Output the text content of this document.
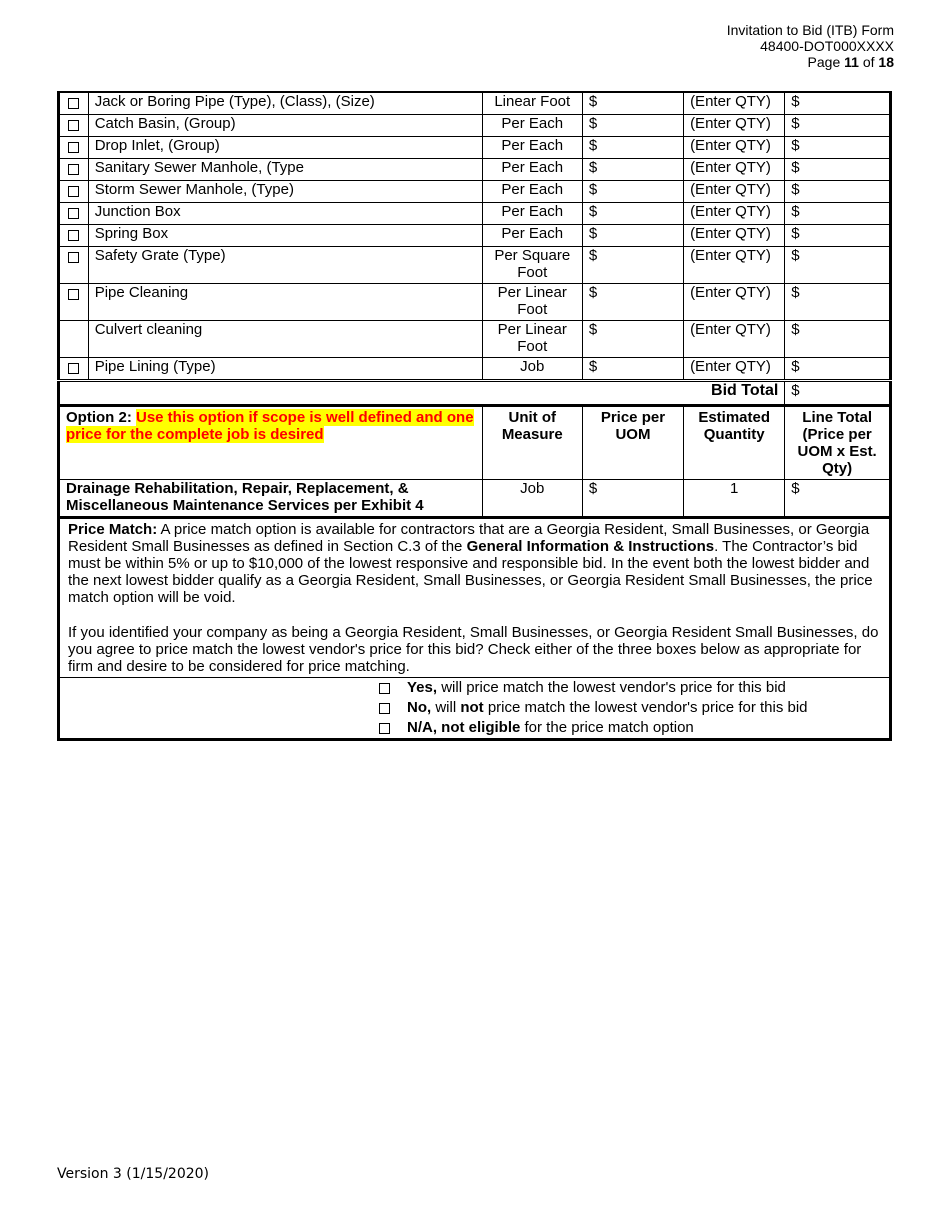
Invitation to Bid (ITB) Form
48400-DOT000XXXX
Page 11 of 18
	Jack or Boring Pipe (Type), (Class), (Size)	Linear Foot	$	(Enter QTY)	$
	Catch Basin, (Group)	Per Each	$	(Enter QTY)	$
	Drop Inlet, (Group)	Per Each	$	(Enter QTY)	$
	Sanitary Sewer Manhole, (Type	Per Each	$	(Enter QTY)	$
	Storm Sewer Manhole, (Type)	Per Each	$	(Enter QTY)	$
	Junction Box	Per Each	$	(Enter QTY)	$
	Spring Box	Per Each	$	(Enter QTY)	$
	Safety Grate (Type)	Per Square
Foot	$	(Enter QTY)	$
	Pipe Cleaning	Per Linear
Foot	$	(Enter QTY)	$
	Culvert cleaning	Per Linear
Foot	$	(Enter QTY)	$
	Pipe Lining (Type)	Job	$	(Enter QTY)	$
Bid Total					$
Option 2: Use this option if scope is well defined and one price for the complete job is desired		Unit of Measure	Price per UOM	Estimated Quantity	Line Total (Price per UOM x Est. Qty)
Drainage Rehabilitation, Repair, Replacement, & Miscellaneous Maintenance Services per Exhibit 4		Job	$	1	$

Price Match: A price match option is available for contractors that are a Georgia Resident, Small Businesses, or Georgia Resident Small Businesses as defined in Section C.3 of the General Information & Instructions. The Contractor’s bid must be within 5% or up to $10,000 of the lowest responsive and responsible bid. In the event both the lowest bidder and the next lowest bidder qualify as a Georgia Resident, Small Businesses, or Georgia Resident Small Businesses, the price match option will be void.

If you identified your company as being a Georgia Resident, Small Businesses, or Georgia Resident Small Businesses, do you agree to price match the lowest vendor's price for this bid? Check either of the three boxes below as appropriate for firm and desire to be considered for price matching.					

Yes, will price match the lowest vendor's price for this bid
No, will not price match the lowest vendor's price for this bid
N/A, not eligible for the price match option					
Version 3 (1/15/2020)
